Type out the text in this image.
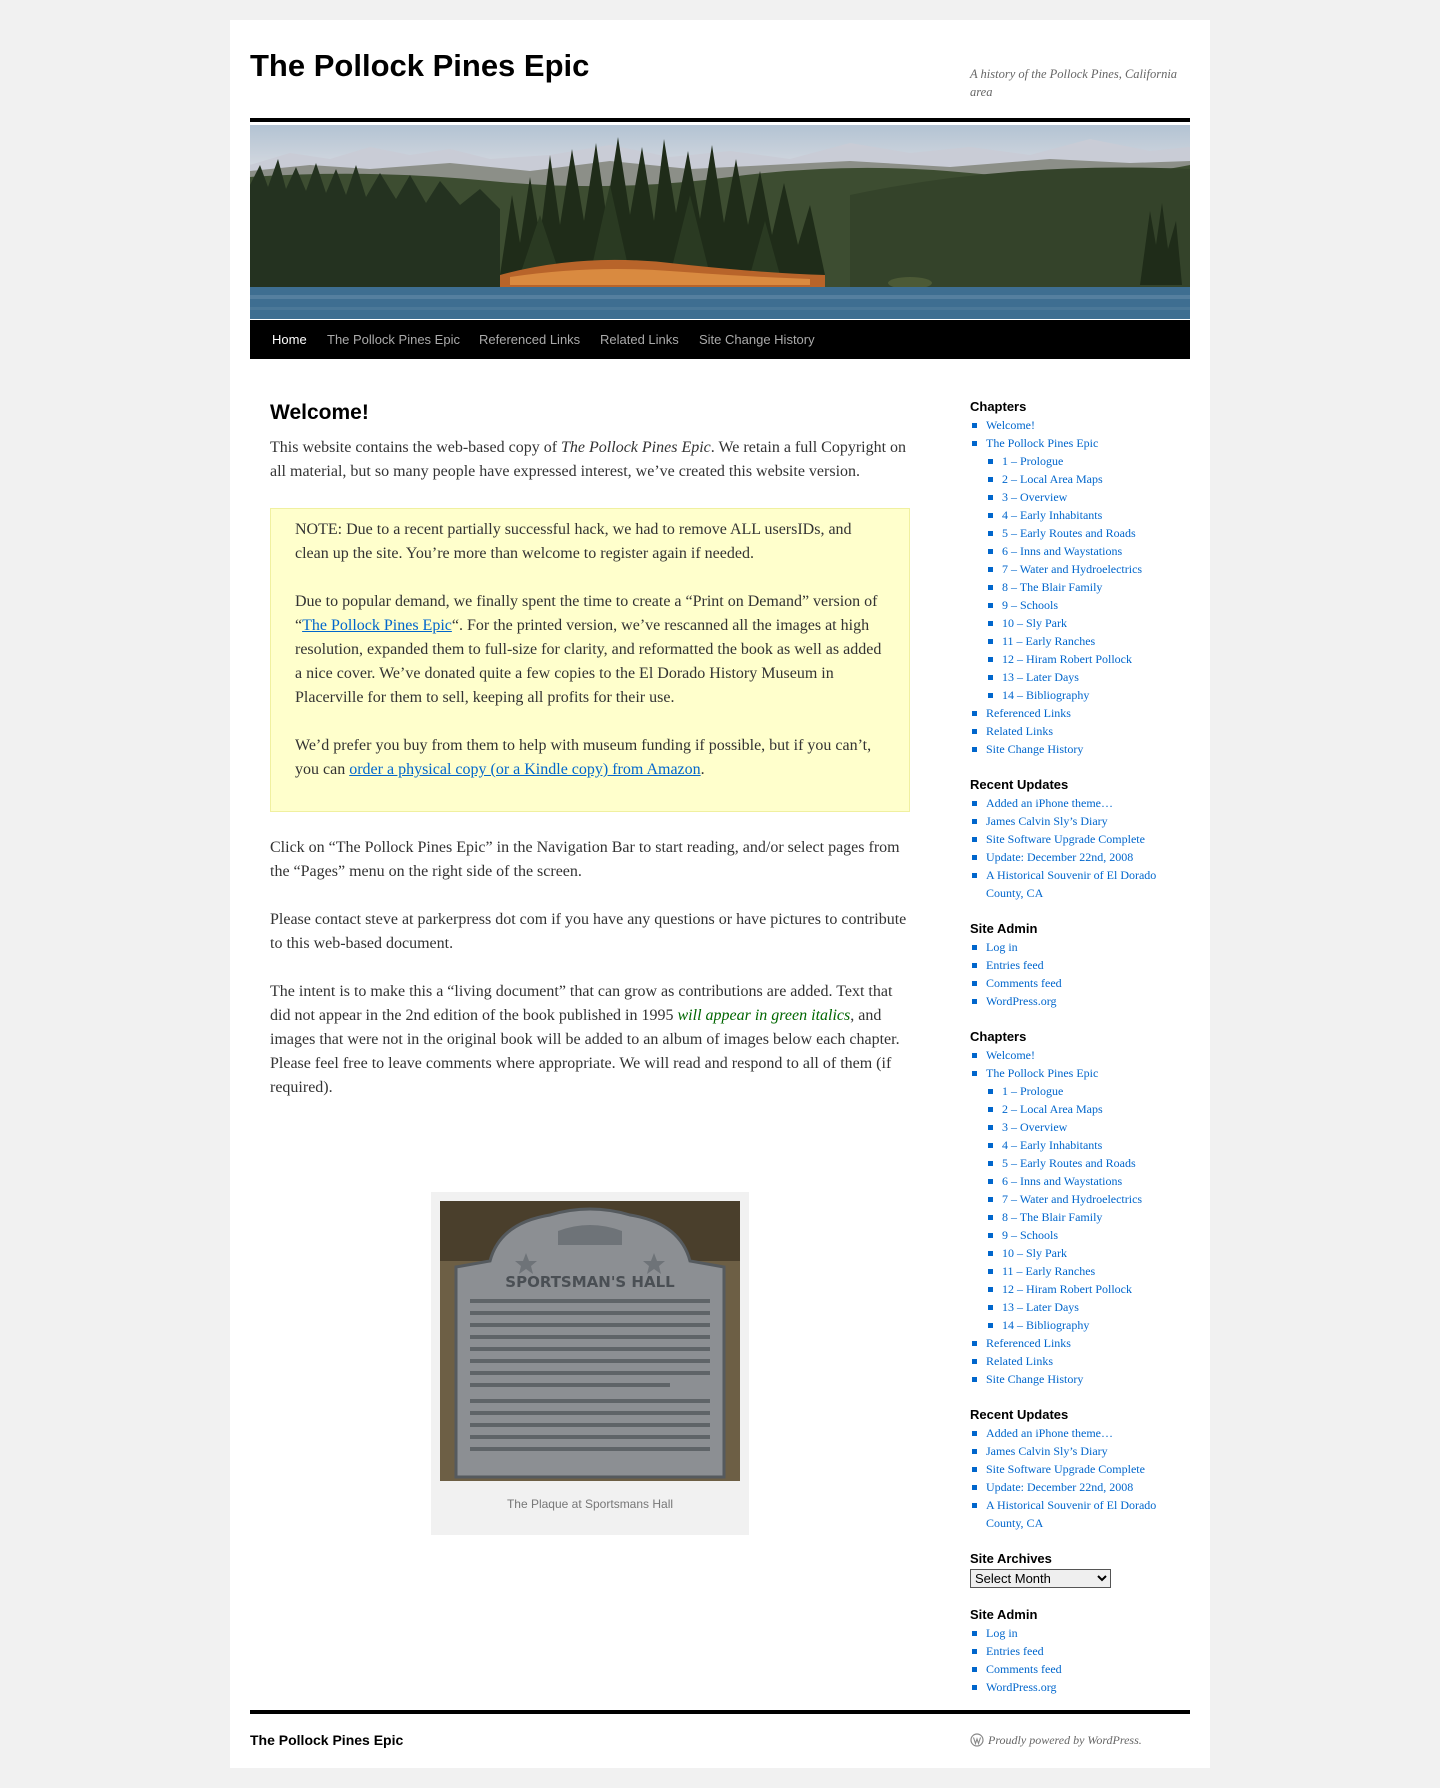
The Pollock Pines Epic	A history of the Pollock Pines, California area
Home The Pollock Pines Epic Referenced Links Related Links Site Change History
Welcome!

This website contains the web-based copy of The Pollock Pines Epic. We retain a full Copyright on all material, but so many people have expressed interest, we’ve created this website version.

NOTE: Due to a recent partially successful hack, we had to remove ALL usersIDs, and clean up the site. You’re more than welcome to register again if needed.

Due to popular demand, we finally spent the time to create a “Print on Demand” version of “The Pollock Pines Epic“. For the printed version, we’ve rescanned all the images at high resolution, expanded them to full-size for clarity, and reformatted the book as well as added a nice cover. We’ve donated quite a few copies to the El Dorado History Museum in Placerville for them to sell, keeping all profits for their use.

We’d prefer you buy from them to help with museum funding if possible, but if you can’t, you can order a physical copy (or a Kindle copy) from Amazon.

Click on “The Pollock Pines Epic” in the Navigation Bar to start reading, and/or select pages from the “Pages” menu on the right side of the screen.

Please contact steve at parkerpress dot com if you have any questions or have pictures to contribute to this web-based document.

The intent is to make this a “living document” that can grow as contributions are added. Text that did not appear in the 2nd edition of the book published in 1995 will appear in green italics, and images that were not in the original book will be added to an album of images below each chapter. Please feel free to leave comments where appropriate. We will read and respond to all of them (if required).

SPORTSMAN'S HALL
The Plaque at Sportsmans Hall
Chapters
Welcome!
The Pollock Pines Epic
1 – Prologue
2 – Local Area Maps
3 – Overview
4 – Early Inhabitants
5 – Early Routes and Roads
6 – Inns and Waystations
7 – Water and Hydroelectrics
8 – The Blair Family
9 – Schools
10 – Sly Park
11 – Early Ranches
12 – Hiram Robert Pollock
13 – Later Days
14 – Bibliography
Referenced Links
Related Links
Site Change History
Recent Updates
Added an iPhone theme…
James Calvin Sly’s Diary
Site Software Upgrade Complete
Update: December 22nd, 2008
A Historical Souvenir of El Dorado County, CA
Site Admin
Log in
Entries feed
Comments feed
WordPress.org
Chapters
Welcome!
The Pollock Pines Epic
1 – Prologue
2 – Local Area Maps
3 – Overview
4 – Early Inhabitants
5 – Early Routes and Roads
6 – Inns and Waystations
7 – Water and Hydroelectrics
8 – The Blair Family
9 – Schools
10 – Sly Park
11 – Early Ranches
12 – Hiram Robert Pollock
13 – Later Days
14 – Bibliography
Referenced Links
Related Links
Site Change History
Recent Updates
Added an iPhone theme…
James Calvin Sly’s Diary
Site Software Upgrade Complete
Update: December 22nd, 2008
A Historical Souvenir of El Dorado County, CA
Site Archives
Select Month
Site Admin
Log in
Entries feed
Comments feed
WordPress.org
The Pollock Pines Epic	Proudly powered by WordPress.
